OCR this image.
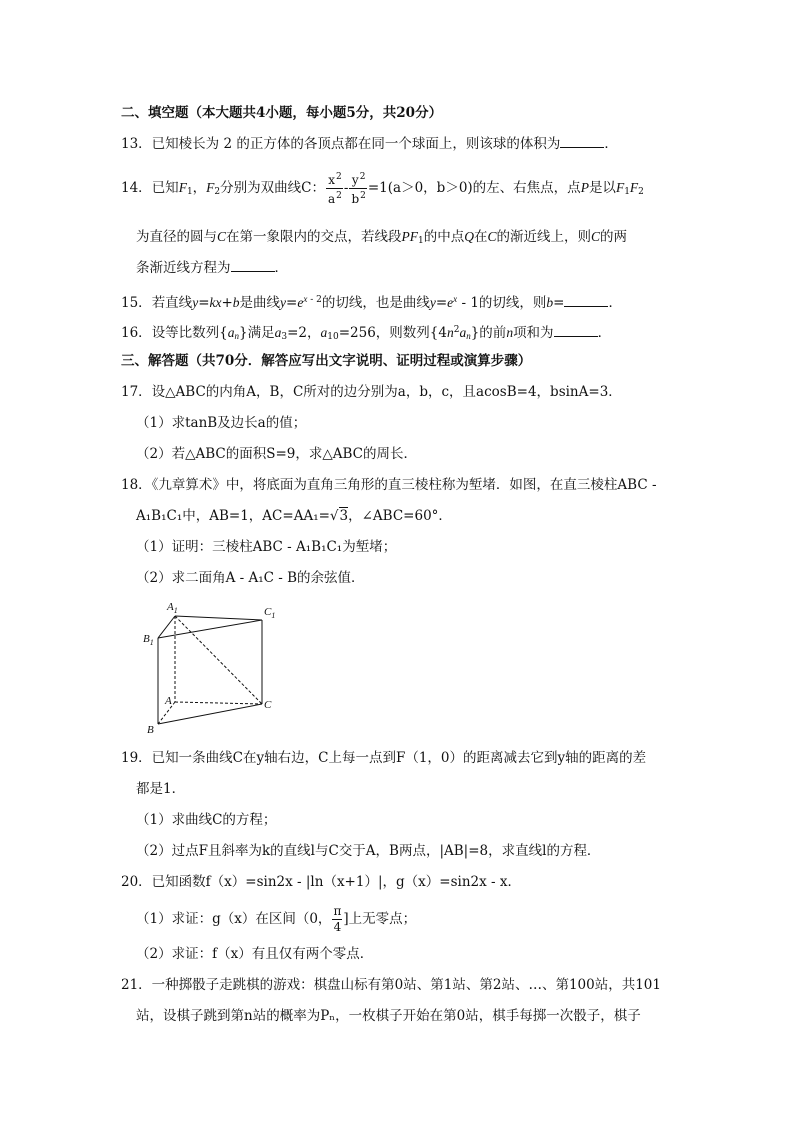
二、填空题（本大题共4小题，每小题5分，共20分）
13．已知棱长为 2 的正方体的各顶点都在同一个球面上，则该球的体积为	．
14．已知$F_1$，$F_2$分别为双曲线C： $\frac{x^2}{a^2} - \frac{y^2}{b^2} =1(a>0$，b＞0)的左、右焦点，点P是以$F_1F_2$
为直径的圆与C在第一象限内的交点，若线段$PF_1$的中点Q在C的渐近线上，则C的两
条渐近线方程为	．
15．若直线y=kx+b是曲线$y=e^{x - 2}$的切线，也是曲线$y=e^x - 1$的切线，则b=	．
16．设等比数列$\{a_n\}$满足$a_3=2$，$a_{10}=256$，则数列$\{4n^2a_n\}$的前n项和为	．
三、解答题（共70分．解答应写出文字说明、证明过程或演算步骤）
17．设△ABC的内角A，B，C所对的边分别为a，b，c，且acosB=4，bsinA=3．
（1）求tanB及边长a的值；
（2）若△ABC的面积S=9，求△ABC的周长．
18．《九章算术》中，将底面为直角三角形的直三棱柱称为堑堵．如图，在直三棱柱ABC -
A₁B₁C₁中，AB=1，AC=AA₁=√3，∠ABC=60°．
（1）证明：三棱柱ABC - A₁B₁C₁为堑堵；
（2）求二面角A - A₁C - B的余弦值．
$A_1$	$C_1$
$B_1$
A	C
B
19．已知一条曲线C在y轴右边，C上每一点到F（1，0）的距离减去它到y轴的距离的差
都是1．
（1）求曲线C的方程；
（2）过点F且斜率为k的直线l与C交于A，B两点，|AB|=8，求直线l的方程．
20．已知函数f（x）=sin2x - |ln（x+1）|，g（x）=sin2x - x．
（1）求证：g（x）在区间（0， $\frac{\pi}{4}$ ]上无零点；
（2）求证：f（x）有且仅有两个零点．
21．一种掷骰子走跳棋的游戏：棋盘山标有第0站、第1站、第2站、…、第100站，共101
站，设棋子跳到第n站的概率为Pₙ，一枚棋子开始在第0站，棋手每掷一次骰子，棋子
